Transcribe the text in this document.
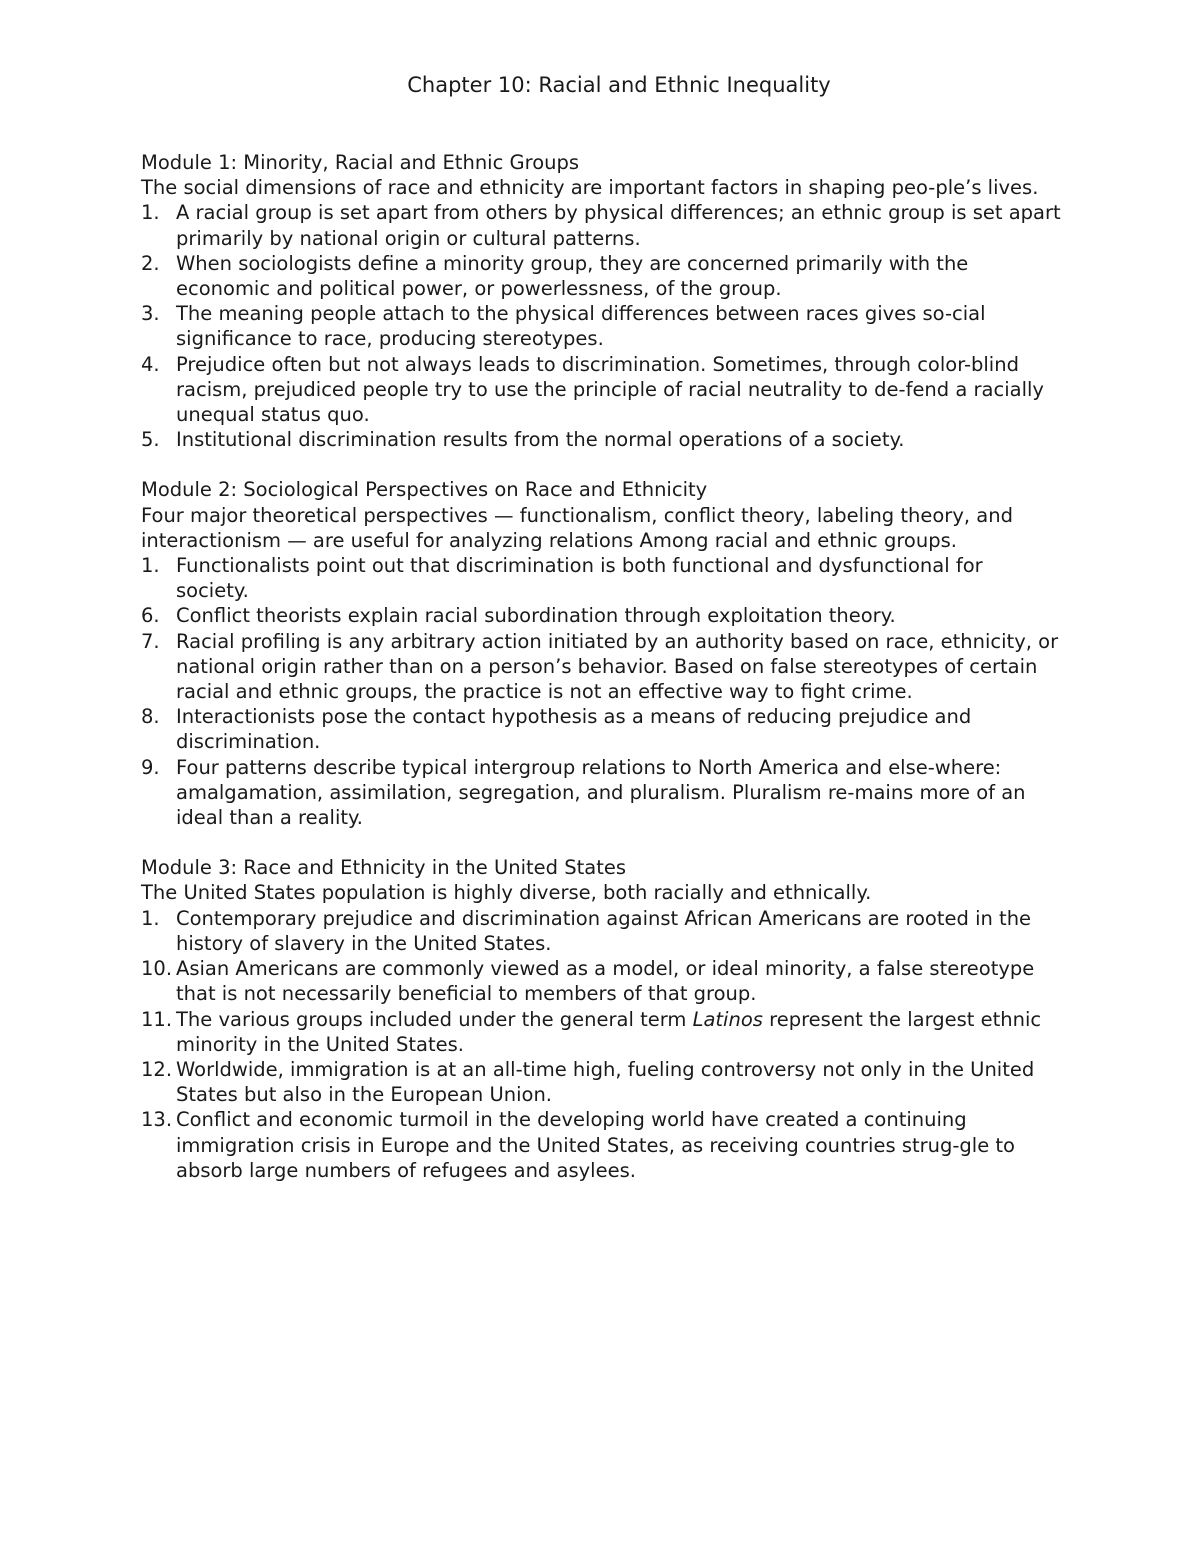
Chapter 10: Racial and Ethnic Inequality

Module 1: Minority, Racial and Ethnic Groups

The social dimensions of race and ethnicity are important factors in shaping peo-ple’s lives.

1. A racial group is set apart from others by physical differences; an ethnic group is set apart primarily by national origin or cultural patterns.
2. When sociologists define a minority group, they are concerned primarily with the economic and political power, or powerlessness, of the group.
3. The meaning people attach to the physical differences between races gives so-cial significance to race, producing stereotypes.
4. Prejudice often but not always leads to discrimination. Sometimes, through color-blind racism, prejudiced people try to use the principle of racial neutrality to de-fend a racially unequal status quo.
5. Institutional discrimination results from the normal operations of a society.

Module 2: Sociological Perspectives on Race and Ethnicity

Four major theoretical perspectives — functionalism, conflict theory, labeling theory, and interactionism — are useful for analyzing relations Among racial and ethnic groups.

1. Functionalists point out that discrimination is both functional and dysfunctional for society.
6. Conflict theorists explain racial subordination through exploitation theory.
7. Racial profiling is any arbitrary action initiated by an authority based on race, ethnicity, or national origin rather than on a person’s behavior. Based on false stereotypes of certain racial and ethnic groups, the practice is not an effective way to fight crime.
8. Interactionists pose the contact hypothesis as a means of reducing prejudice and discrimination.
9. Four patterns describe typical intergroup relations to North America and else-where: amalgamation, assimilation, segregation, and pluralism. Pluralism re-mains more of an ideal than a reality.

Module 3: Race and Ethnicity in the United States

The United States population is highly diverse, both racially and ethnically.

1. Contemporary prejudice and discrimination against African Americans are rooted in the history of slavery in the United States.
10. Asian Americans are commonly viewed as a model, or ideal minority, a false stereotype that is not necessarily beneficial to members of that group.
11. The various groups included under the general term Latinos represent the largest ethnic minority in the United States.
12. Worldwide, immigration is at an all-time high, fueling controversy not only in the United States but also in the European Union.
13. Conflict and economic turmoil in the developing world have created a continuing immigration crisis in Europe and the United States, as receiving countries strug-gle to absorb large numbers of refugees and asylees.
